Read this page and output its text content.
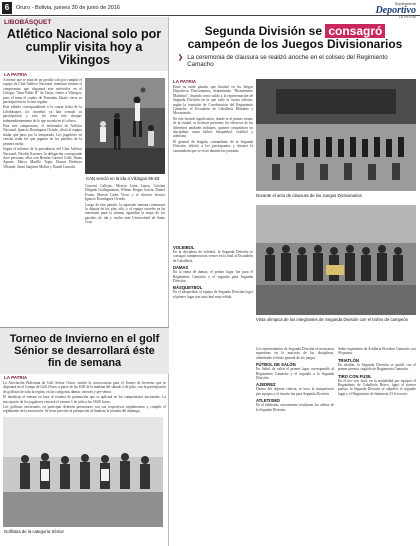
6	Oruro - Bolivia, jueves 30 de junio de 2016
Suplemento
Deportivo
LA PATRIA
LIBOBÁSQUET
Atlético Nacional solo por cumplir visita hoy a Vikingos
LA PATRIA
A menor que se trata de un partido solo por cumplir el equipo de Club Atlético Nacional, intentará ventear el compromiso que disputará este miércoles en el Colegio "Juan Pablo II" de Tarija, frente a Vikingos, pues el tema el cuadro de Fernando Zárate cierra su participación en la fase regular.
Este sábado correspondiente a la cuarta fecha de la Libobásquet, los orureños ya han cerrado su participación y solo les resta este choque, independientemente de lo que suceda en el coliseo.
Para este compromiso, el entrenador de Atlético Nacional, Ignacio Domínguez Oviedo, alistó al equipo titular que paso por la temporada. Los jugadores en cancha serán los que jugaron en los partidos de la primera rueda.
Según el informe de la presidencia del Club Atlético Nacional, Nicolás Kocsner, la delegación corresponde doce personas, ellos son Hernán Caravel Calle, Jhoan Aponte, Marco Murillo Tapia, Eitmar Pinheyro Villamel, Jaimi Sanjinez Mollas y Daniel Limachi.
CAN venció en la ida a Vikingos 95-83
Concent Callejas, Morian Lima Lanza, Cristian Delgado Guillaguaman, Wilmer Borges García, Daniel Evans, Marvin Cadet Vioso y el director técnico Ignacio Domínguez Oviedo.
Luego de este partido, la siguiente semana comenzará la disputa de los play offs, y el equipo orureño ya ha entrenado para la misma, aguardan la etapa de los partidos de ida y vuelta ante Universidad de Santa Cruz.
Torneo de Invierno en el golf Sénior se desarrollará éste fin de semana
LA PATRIA
La Asociación Boliviana de Golf Sénior Oruro, emitió la convocatoria para el Torneo de Invierno que se disputará en el Campo de Golf Oruro, a partir de las 8:00 de la mañana del sábado 2 de julio, con la participación de golfistas de toda la región, en las categorías damas, varones y pre-sénior.
El hándicap se tomará en base al sistema de puntuación que se aplicará en los campeonatos nacionales. La inscripción de los jugadores vencerá el viernes 1 de julio a las 18:00 horas.
Los golfistas interesados en participar deberán presentarse con sus respectivos implementos y cumplir el reglamento de la asociación. Se tiene previsto la premiación al finalizar la jornada del domingo.
Golfistas de la categoría Sénior
Segunda División se consagró
campeón de los Juegos Divisionarios
❯ La ceremonia de clausura se realizó anoche en el coliseo del Regimiento Camacho
LA PATRIA
Entre su tarde pasada, que finalizó en los Juegos Deportivos Divisionarios, denominado "Bicentenario Marítimo", dejando como saldo a la representación de Segunda División en la que salió la cuarta edición, según la comisión de Coordinación del Regimiento Camacho, el Escuadrón de Caballería Blindado y Mecanizado.
En este festival significativo, donde se el primer torneo de la ciudad, se hicieron presentes los efectivos de las diferentes unidades militares, quienes compitieron en disciplinas como fútbol, básquetbol, voleibol y atletismo.
El general de brigada, comandante de la Segunda División, felicitó a los participantes y destacó la camaradería que se vivió durante las jornadas.
Durante el acto de clausura de los Juegos Divisionarios
Vista olímpica de los integrantes de Segunda División con el trofeo de campeón
VOLEIBOL
En la disciplina de voleibol, la Segunda División se consagró campeona tras vencer en la final al Escuadrón de Caballería.
DAMAS
En la rama de damas, el primer lugar fue para el Regimiento Camacho y el segundo para Segunda División.
BÁSQUETBOL
En el básquetbol, el equipo de Segunda División logró el primer lugar tras una final muy reñida.
Los representantes de Segunda División se mostraron superiores en la mayoría de las disciplinas, obteniendo el título general de los juegos.
FÚTBOL DE SALÓN
En fútbol de salón el primer lugar correspondió al Regimiento Camacho y el segundo a la Segunda División.
AJEDREZ
Dentro del deporte ciencia, se tuvo la competencia por equipos y el triunfo fue para Segunda División.
ATLETISMO
En el atletismo, nuevamente resaltaron los atletas de la Segunda División.
Señor regimiento de Artillería Eleodoro Camacho con 96 puntos.
TRIATLÓN
En triatlón, la Segunda División se quedó con el primer premio, seguido de Regimiento Camacho.
TIRO CON FUSIL
En el tiro con fusil, en la modalidad por equipos el Regimiento de Caballería Bravo, logró el primer puesto; la Segunda División se adjudicó el segundo lugar y el Regimiento de Infantería 23 el tercero.
